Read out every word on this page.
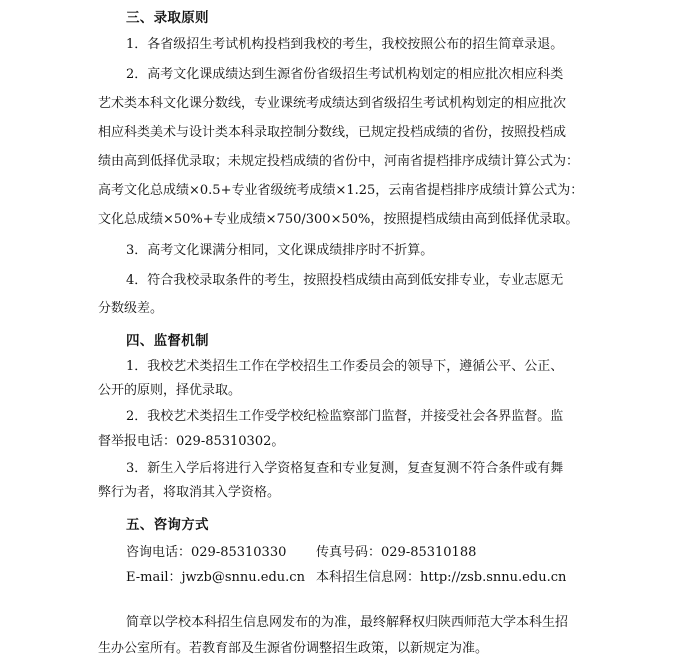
三、录取原则
1．各省级招生考试机构投档到我校的考生，我校按照公布的招生简章录退。
2．高考文化课成绩达到生源省份省级招生考试机构划定的相应批次相应科类
艺术类本科文化课分数线，专业课统考成绩达到省级招生考试机构划定的相应批次
相应科类美术与设计类本科录取控制分数线，已规定投档成绩的省份，按照投档成
绩由高到低择优录取；未规定投档成绩的省份中，河南省提档排序成绩计算公式为：
高考文化总成绩×0.5+专业省级统考成绩×1.25，云南省提档排序成绩计算公式为：
文化总成绩×50%+专业成绩×750/300×50%，按照提档成绩由高到低择优录取。
3．高考文化课满分相同，文化课成绩排序时不折算。
4．符合我校录取条件的考生，按照投档成绩由高到低安排专业，专业志愿无
分数级差。
四、监督机制
1．我校艺术类招生工作在学校招生工作委员会的领导下，遵循公平、公正、
公开的原则，择优录取。
2．我校艺术类招生工作受学校纪检监察部门监督，并接受社会各界监督。监
督举报电话：029-85310302。
3．新生入学后将进行入学资格复查和专业复测，复查复测不符合条件或有舞
弊行为者，将取消其入学资格。
五、咨询方式
咨询电话：029-85310330 传真号码：029-85310188
E-mail：jwzb@snnu.edu.cn 本科招生信息网：http://zsb.snnu.edu.cn
简章以学校本科招生信息网发布的为准，最终解释权归陕西师范大学本科生招
生办公室所有。若教育部及生源省份调整招生政策，以新规定为准。
